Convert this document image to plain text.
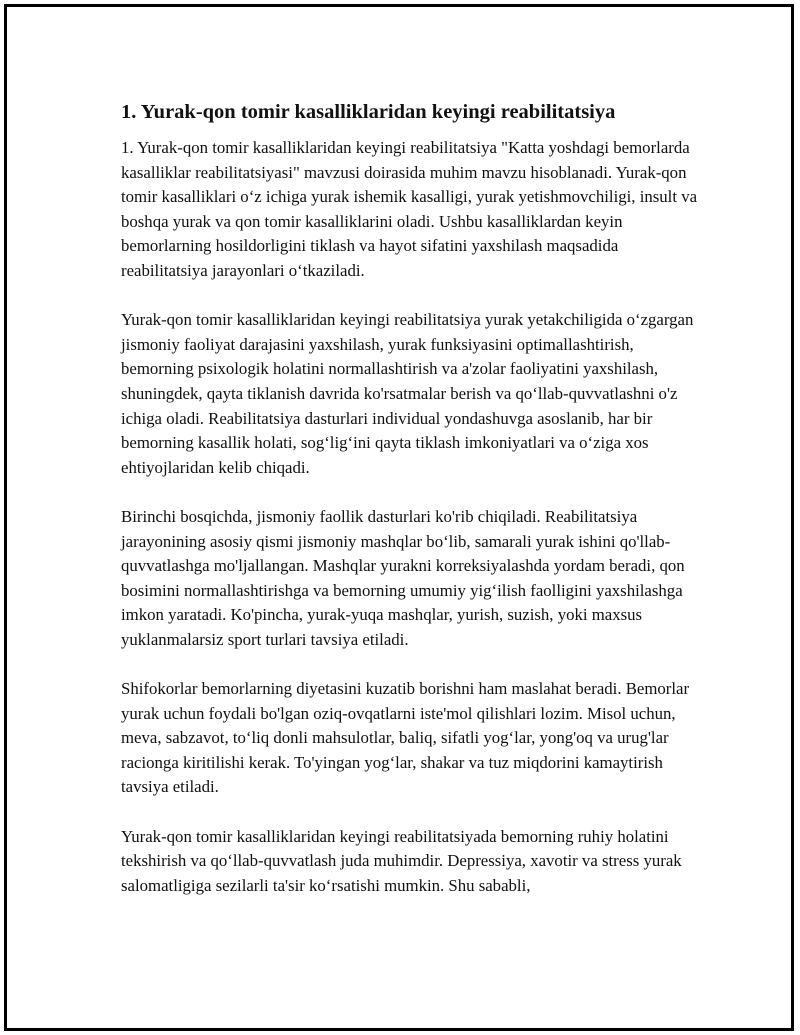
1. Yurak-qon tomir kasalliklaridan keyingi reabilitatsiya

1. Yurak-qon tomir kasalliklaridan keyingi reabilitatsiya "Katta yoshdagi bemorlarda kasalliklar reabilitatsiyasi" mavzusi doirasida muhim mavzu hisoblanadi. Yurak-qon tomir kasalliklari oʻz ichiga yurak ishemik kasalligi, yurak yetishmovchiligi, insult va boshqa yurak va qon tomir kasalliklarini oladi. Ushbu kasalliklardan keyin bemorlarning hosildorligini tiklash va hayot sifatini yaxshilash maqsadida reabilitatsiya jarayonlari oʻtkaziladi.

Yurak-qon tomir kasalliklaridan keyingi reabilitatsiya yurak yetakchiligida oʻzgargan jismoniy faoliyat darajasini yaxshilash, yurak funksiyasini optimallashtirish, bemorning psixologik holatini normallashtirish va a'zolar faoliyatini yaxshilash, shuningdek, qayta tiklanish davrida ko'rsatmalar berish va qoʻllab-quvvatlashni o'z ichiga oladi. Reabilitatsiya dasturlari individual yondashuvga asoslanib, har bir bemorning kasallik holati, sogʻligʻini qayta tiklash imkoniyatlari va oʻziga xos ehtiyojlaridan kelib chiqadi.

Birinchi bosqichda, jismoniy faollik dasturlari ko'rib chiqiladi. Reabilitatsiya jarayonining asosiy qismi jismoniy mashqlar boʻlib, samarali yurak ishini qo'llab-quvvatlashga mo'ljallangan. Mashqlar yurakni korreksiyalashda yordam beradi, qon bosimini normallashtirishga va bemorning umumiy yigʻilish faolligini yaxshilashga imkon yaratadi. Ko'pincha, yurak-yuqa mashqlar, yurish, suzish, yoki maxsus yuklanmalarsiz sport turlari tavsiya etiladi.

Shifokorlar bemorlarning diyetasini kuzatib borishni ham maslahat beradi. Bemorlar yurak uchun foydali bo'lgan oziq-ovqatlarni iste'mol qilishlari lozim. Misol uchun, meva, sabzavot, toʻliq donli mahsulotlar, baliq, sifatli yogʻlar, yong'oq va urug'lar racionga kiritilishi kerak. To'yingan yogʻlar, shakar va tuz miqdorini kamaytirish tavsiya etiladi.

Yurak-qon tomir kasalliklaridan keyingi reabilitatsiyada bemorning ruhiy holatini tekshirish va qoʻllab-quvvatlash juda muhimdir. Depressiya, xavotir va stress yurak salomatligiga sezilarli ta'sir koʻrsatishi mumkin. Shu sababli,
